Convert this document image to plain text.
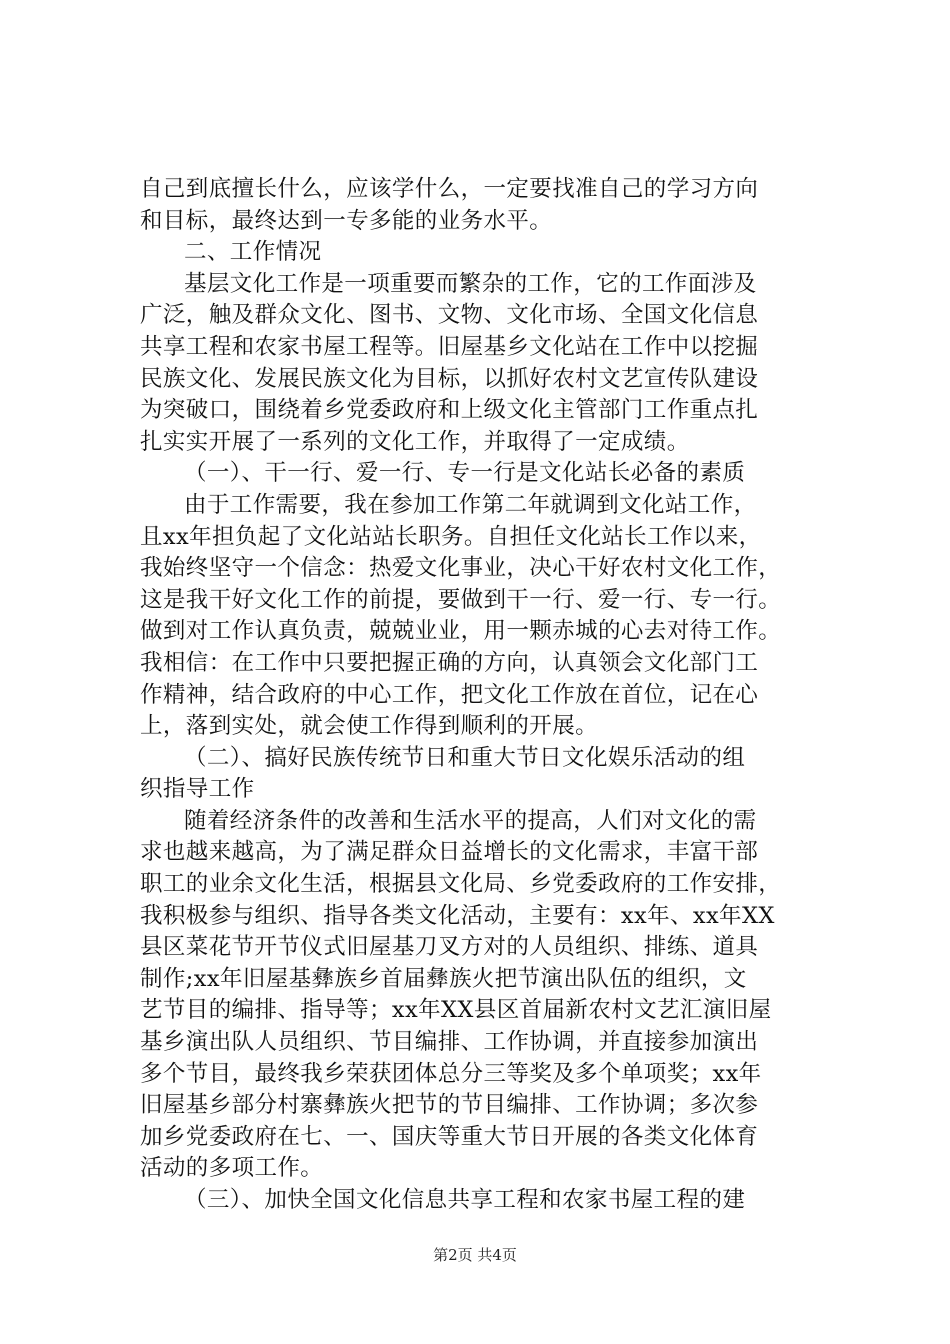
自己到底擅长什么，应该学什么，一定要找准自己的学习方向
和目标，最终达到一专多能的业务水平。
二、工作情况
基层文化工作是一项重要而繁杂的工作，它的工作面涉及
广泛，触及群众文化、图书、文物、文化市场、全国文化信息
共享工程和农家书屋工程等。旧屋基乡文化站在工作中以挖掘
民族文化、发展民族文化为目标，以抓好农村文艺宣传队建设
为突破口，围绕着乡党委政府和上级文化主管部门工作重点扎
扎实实开展了一系列的文化工作，并取得了一定成绩。
（一）、干一行、爱一行、专一行是文化站长必备的素质
由于工作需要，我在参加工作第二年就调到文化站工作，
且xx年担负起了文化站站长职务。自担任文化站长工作以来，
我始终坚守一个信念：热爱文化事业，决心干好农村文化工作，
这是我干好文化工作的前提，要做到干一行、爱一行、专一行。
做到对工作认真负责，兢兢业业，用一颗赤城的心去对待工作。
我相信：在工作中只要把握正确的方向，认真领会文化部门工
作精神，结合政府的中心工作，把文化工作放在首位，记在心
上，落到实处，就会使工作得到顺利的开展。
（二）、搞好民族传统节日和重大节日文化娱乐活动的组
织指导工作
随着经济条件的改善和生活水平的提高，人们对文化的需
求也越来越高，为了满足群众日益增长的文化需求，丰富干部
职工的业余文化生活，根据县文化局、乡党委政府的工作安排，
我积极参与组织、指导各类文化活动，主要有：xx年、xx年XX
县区菜花节开节仪式旧屋基刀叉方对的人员组织、排练、道具
制作;xx年旧屋基彝族乡首届彝族火把节演出队伍的组织，文
艺节目的编排、指导等；xx年XX县区首届新农村文艺汇演旧屋
基乡演出队人员组织、节目编排、工作协调，并直接参加演出
多个节目，最终我乡荣获团体总分三等奖及多个单项奖；xx年
旧屋基乡部分村寨彝族火把节的节目编排、工作协调；多次参
加乡党委政府在七、一、国庆等重大节日开展的各类文化体育
活动的多项工作。
（三）、加快全国文化信息共享工程和农家书屋工程的建
第2页 共4页
